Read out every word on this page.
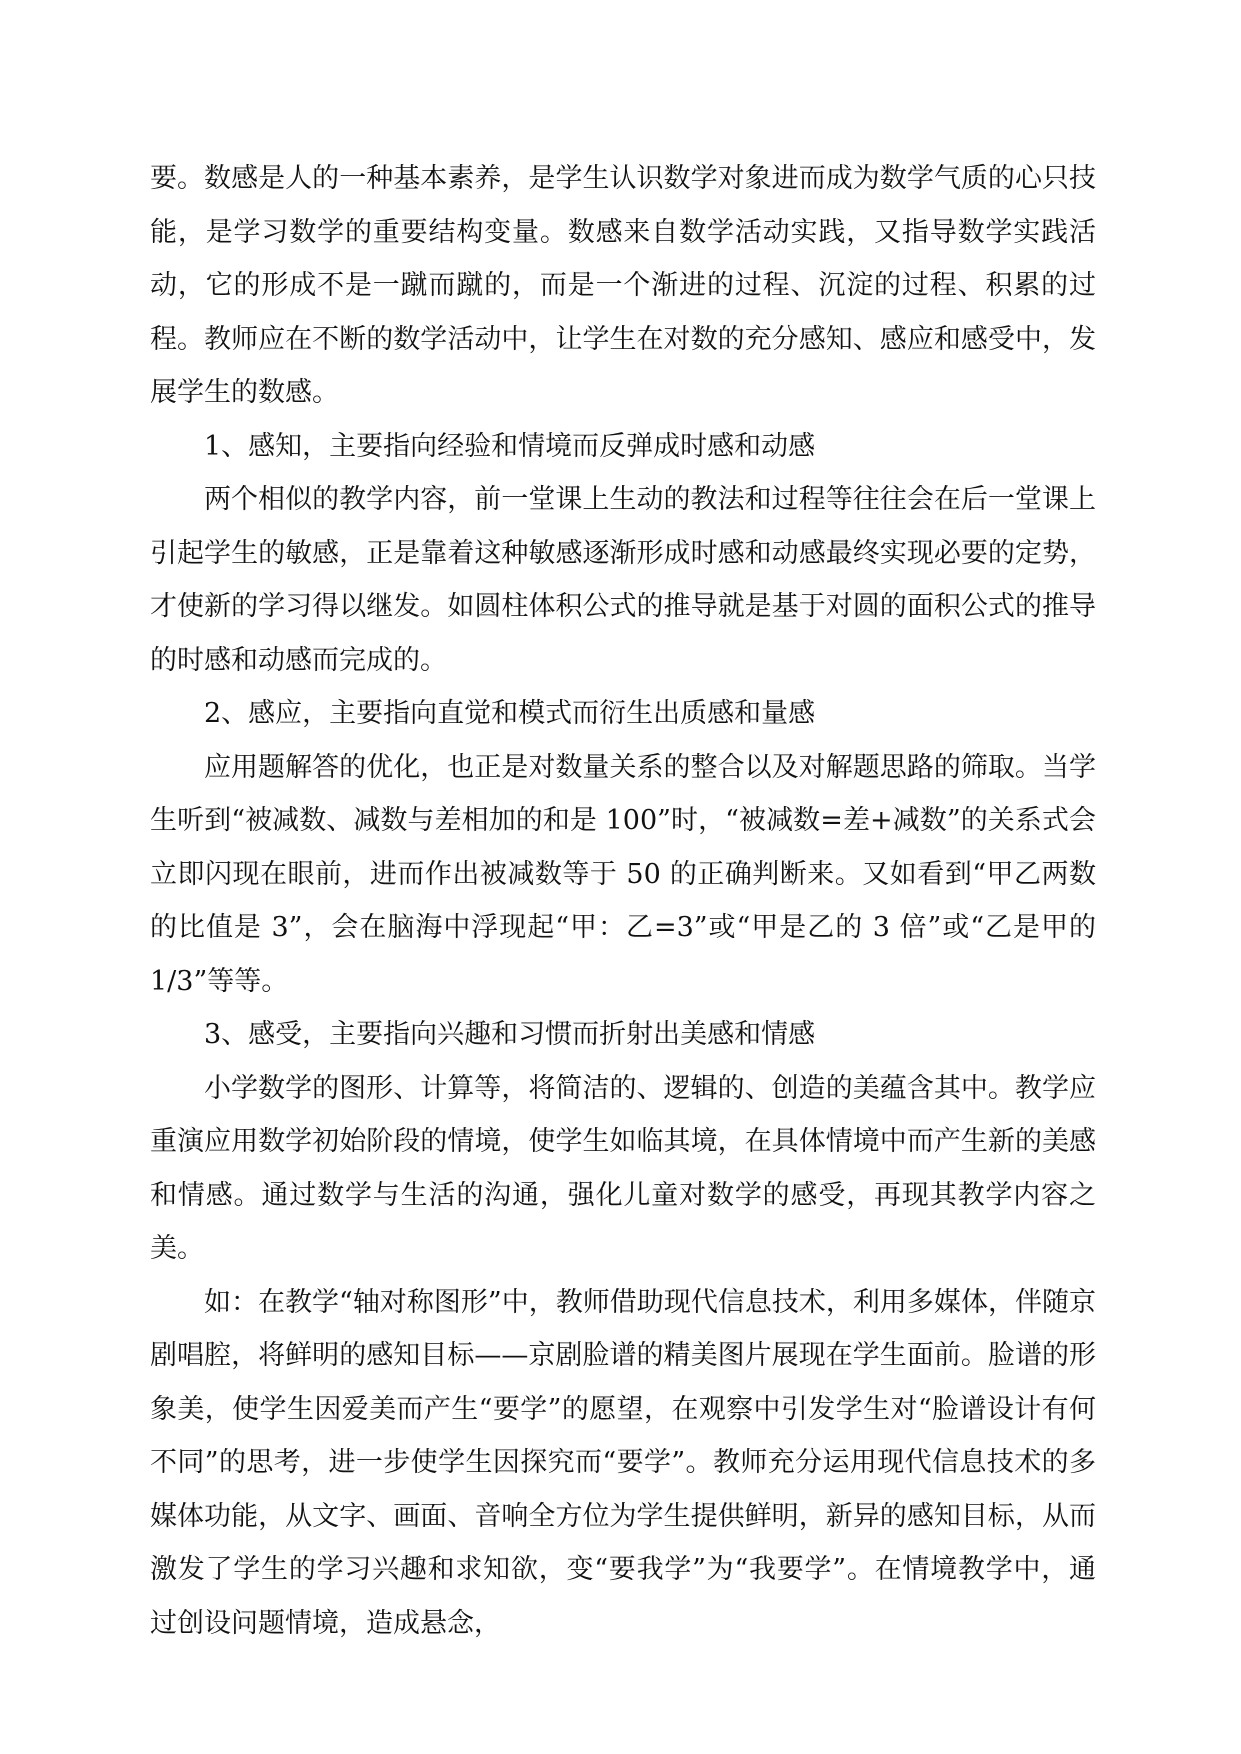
要。数感是人的一种基本素养，是学生认识数学对象进而成为数学气质的心只技能，是学习数学的重要结构变量。数感来自数学活动实践，又指导数学实践活动，它的形成不是一蹴而蹴的，而是一个渐进的过程、沉淀的过程、积累的过程。教师应在不断的数学活动中，让学生在对数的充分感知、感应和感受中，发展学生的数感。

1、感知，主要指向经验和情境而反弹成时感和动感

两个相似的教学内容，前一堂课上生动的教法和过程等往往会在后一堂课上引起学生的敏感，正是靠着这种敏感逐渐形成时感和动感最终实现必要的定势，才使新的学习得以继发。如圆柱体积公式的推导就是基于对圆的面积公式的推导的时感和动感而完成的。

2、感应，主要指向直觉和模式而衍生出质感和量感

应用题解答的优化，也正是对数量关系的整合以及对解题思路的筛取。当学生听到“被减数、减数与差相加的和是 100”时，“被减数=差+减数”的关系式会立即闪现在眼前，进而作出被减数等于 50 的正确判断来。又如看到“甲乙两数的比值是 3”，会在脑海中浮现起“甲：乙=3”或“甲是乙的 3 倍”或“乙是甲的 1/3”等等。

3、感受，主要指向兴趣和习惯而折射出美感和情感

小学数学的图形、计算等，将简洁的、逻辑的、创造的美蕴含其中。教学应重演应用数学初始阶段的情境，使学生如临其境，在具体情境中而产生新的美感和情感。通过数学与生活的沟通，强化儿童对数学的感受，再现其教学内容之美。

如：在教学“轴对称图形”中，教师借助现代信息技术，利用多媒体，伴随京剧唱腔，将鲜明的感知目标——京剧脸谱的精美图片展现在学生面前。脸谱的形象美，使学生因爱美而产生“要学”的愿望，在观察中引发学生对“脸谱设计有何不同”的思考，进一步使学生因探究而“要学”。教师充分运用现代信息技术的多媒体功能，从文字、画面、音响全方位为学生提供鲜明，新异的感知目标，从而激发了学生的学习兴趣和求知欲，变“要我学”为“我要学”。在情境教学中，通过创设问题情境，造成悬念，
